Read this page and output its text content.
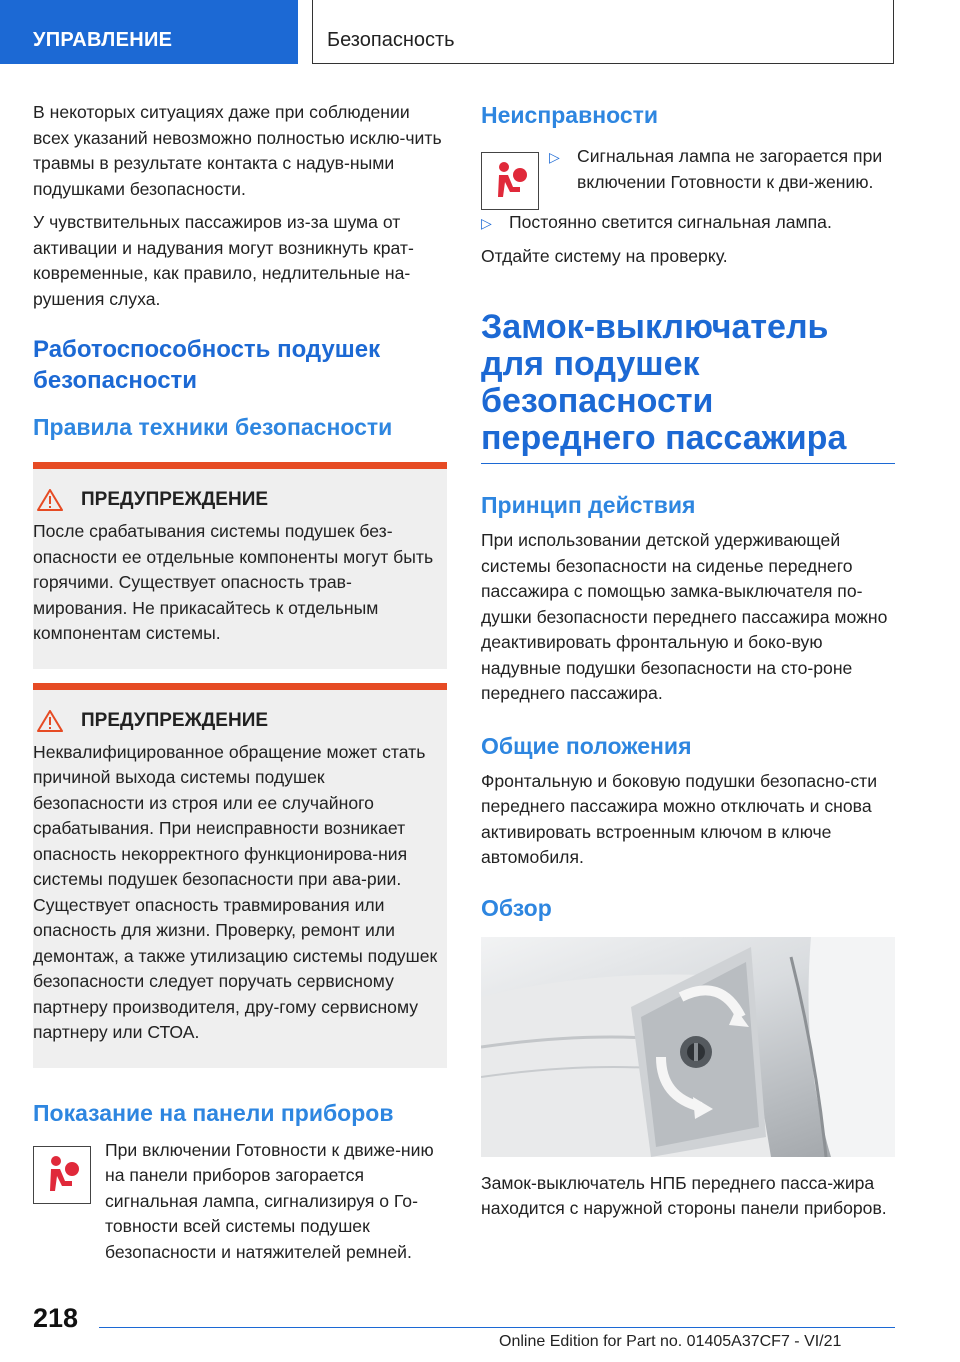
УПРАВЛЕНИЕ	Безопасность

В некоторых ситуациях даже при соблюдении всех указаний невозможно полностью исклю-чить травмы в результате контакта с надув-ными подушками безопасности.

У чувствительных пассажиров из-за шума от активации и надувания могут возникнуть крат-ковременные, как правило, недлительные на-рушения слуха.

Работоспособность подушек безопасности
Правила техники безопасности
ПРЕДУПРЕЖДЕНИЕ

После срабатывания системы подушек без-опасности ее отдельные компоненты могут быть горячими. Существует опасность трав-мирования. Не прикасайтесь к отдельным компонентам системы.

ПРЕДУПРЕЖДЕНИЕ

Неквалифицированное обращение может стать причиной выхода системы подушек безопасности из строя или ее случайного срабатывания. При неисправности возникает опасность некорректного функционирова-ния системы подушек безопасности при ава-рии. Существует опасность травмирования или опасность для жизни. Проверку, ремонт или демонтаж, а также утилизацию системы подушек безопасности следует поручать сервисному партнеру производителя, дру-гому сервисному партнеру или СТОА.

Показание на панели приборов

При включении Готовности к движе-нию на панели приборов загорается сигнальная лампа, сигнализируя о Го-товности всей системы подушек безопасности и натяжителей ремней.

Неисправности
▷ Сигнальная лампа не загорается при включении Готовности к дви-жению.
▷ Постоянно светится сигнальная лампа.

Отдайте систему на проверку.

Замок-выключатель для подушек безопасности переднего пассажира
Принцип действия

При использовании детской удерживающей системы безопасности на сиденье переднего пассажира с помощью замка-выключателя по-душки безопасности переднего пассажира можно деактивировать фронтальную и боко-вую надувные подушки безопасности на сто-роне переднего пассажира.

Общие положения

Фронтальную и боковую подушки безопасно-сти переднего пассажира можно отключать и снова активировать встроенным ключом в ключе автомобиля.

Обзор

Замок-выключатель НПБ переднего пасса-жира находится с наружной стороны панели приборов.

218
Online Edition for Part no. 01405A37CF7 - VI/21
